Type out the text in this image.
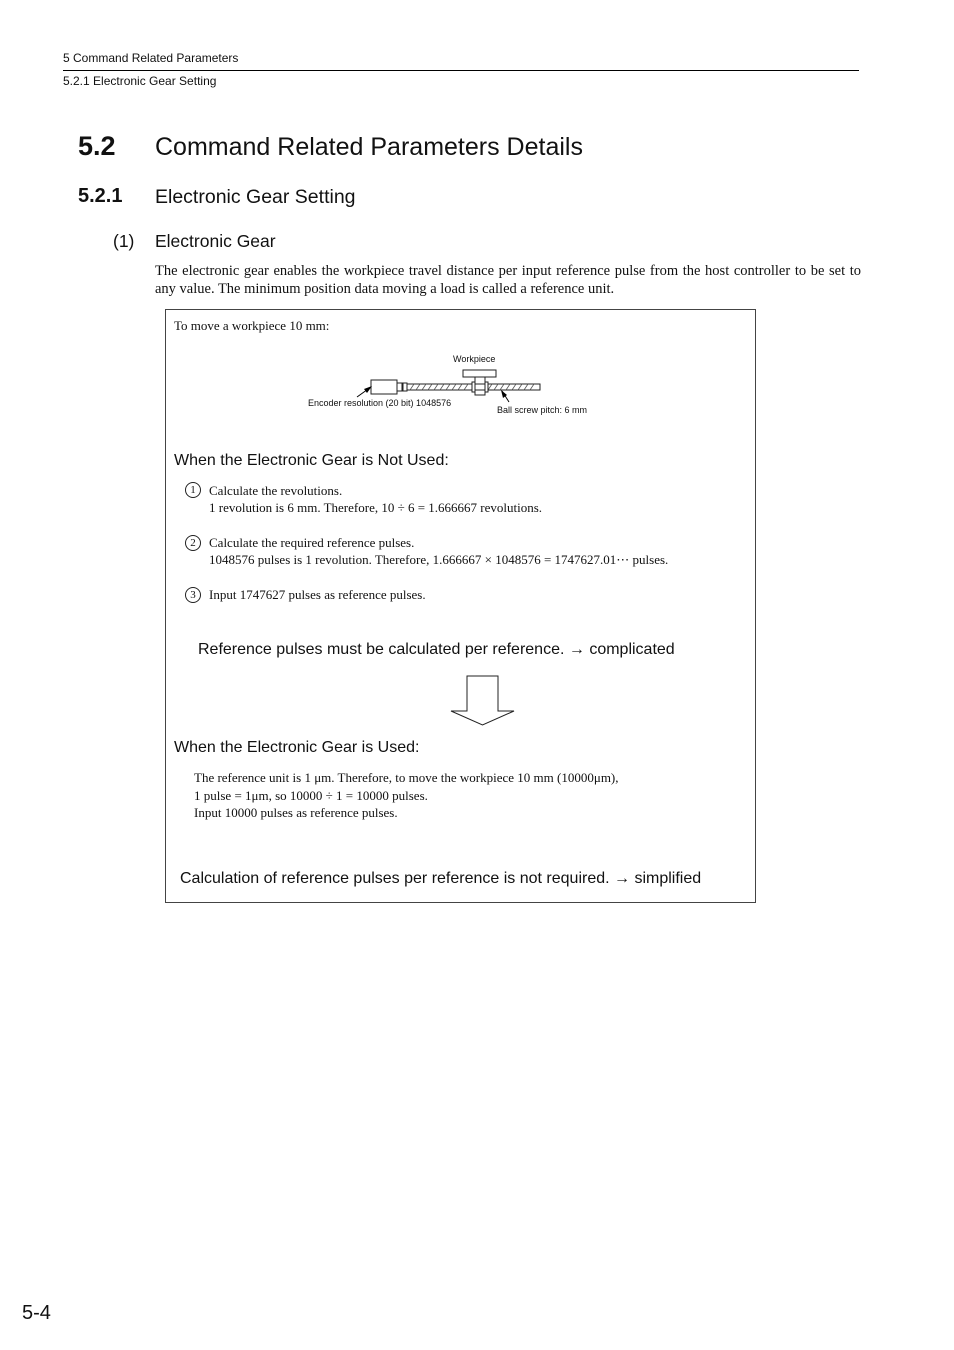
5 Command Related Parameters
5.2.1 Electronic Gear Setting
5.2 Command Related Parameters Details
5.2.1 Electronic Gear Setting
(1) Electronic Gear
The electronic gear enables the workpiece travel distance per input reference pulse from the host controller to be set to any value. The minimum position data moving a load is called a reference unit.
To move a workpiece 10 mm:
Workpiece
Encoder resolution (20 bit) 1048576
Ball screw pitch: 6 mm
When the Electronic Gear is Not Used:
1	Calculate the revolutions.
1 revolution is 6 mm. Therefore, 10 ÷ 6 = 1.666667 revolutions.
2	Calculate the required reference pulses.
1048576 pulses is 1 revolution. Therefore, 1.666667 × 1048576 = 1747627.01⋯ pulses.
3	Input 1747627 pulses as reference pulses.
Reference pulses must be calculated per reference. → complicated
When the Electronic Gear is Used:
The reference unit is 1 μm. Therefore, to move the workpiece 10 mm (10000μm),
1 pulse = 1μm, so 10000 ÷ 1 = 10000 pulses.
Input 10000 pulses as reference pulses.
Calculation of reference pulses per reference is not required. → simplified
5-4
